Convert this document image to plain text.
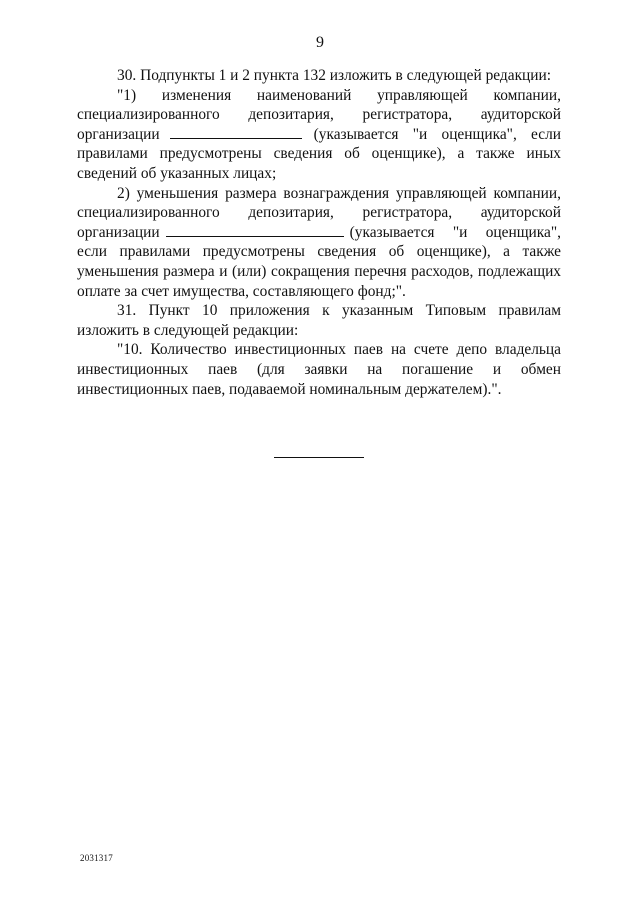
9

30. Подпункты 1 и 2 пункта 132 изложить в следующей редакции:

"1) изменения наименований управляющей компании, специализированного депозитария, регистратора, аудиторской организации	(указывается "и оценщика", если правилами предусмотрены сведения об оценщике), а также иных сведений об указанных лицах;

2) уменьшения размера вознаграждения управляющей компании, специализированного депозитария, регистратора, аудиторской организации	(указывается "и оценщика", если правилами предусмотрены сведения об оценщике), а также уменьшения размера и (или) сокращения перечня расходов, подлежащих оплате за счет имущества, составляющего фонд;".

31. Пункт 10 приложения к указанным Типовым правилам изложить в следующей редакции:

"10. Количество инвестиционных паев на счете депо владельца инвестиционных паев (для заявки на погашение и обмен инвестиционных паев, подаваемой номинальным держателем).".

2031317
